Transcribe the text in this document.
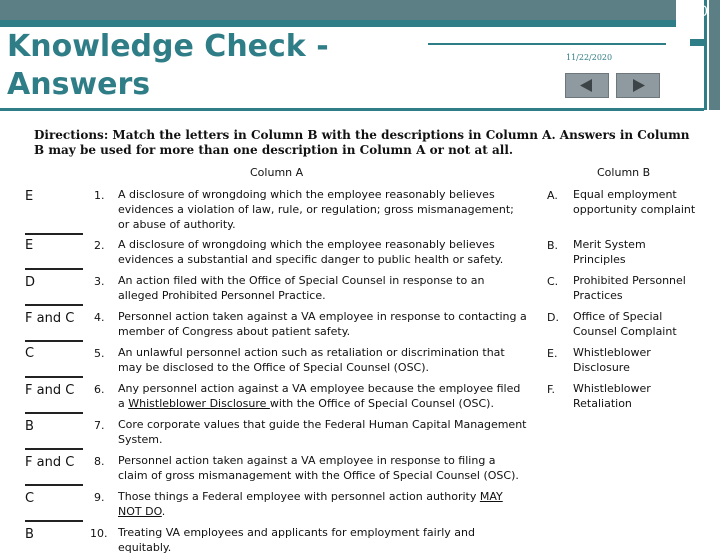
30
Knowledge Check - Answers
11/22/2020
Directions: Match the letters in Column B with the descriptions in Column A. Answers in Column B may be used for more than one description in Column A or not at all.
Column A	Column B
E
E
D
F and C
C
F and C
B
F and C
C
B
1. A disclosure of wrongdoing which the employee reasonably believes evidences a violation of law, rule, or regulation; gross mismanagement; or abuse of authority.
2. A disclosure of wrongdoing which the employee reasonably believes evidences a substantial and specific danger to public health or safety.
3. An action filed with the Office of Special Counsel in response to an alleged Prohibited Personnel Practice.
4. Personnel action taken against a VA employee in response to contacting a member of Congress about patient safety.
5. An unlawful personnel action such as retaliation or discrimination that may be disclosed to the Office of Special Counsel (OSC).
6. Any personnel action against a VA employee because the employee filed a Whistleblower Disclosure with the Office of Special Counsel (OSC).
7. Core corporate values that guide the Federal Human Capital Management System.
8. Personnel action taken against a VA employee in response to filing a claim of gross mismanagement with the Office of Special Counsel (OSC).
9. Those things a Federal employee with personnel action authority MAY NOT DO.
10. Treating VA employees and applicants for employment fairly and equitably.
A. Equal employment opportunity complaint
B. Merit System Principles
C. Prohibited Personnel Practices
D. Office of Special Counsel Complaint
E. Whistleblower Disclosure
F. Whistleblower Retaliation
